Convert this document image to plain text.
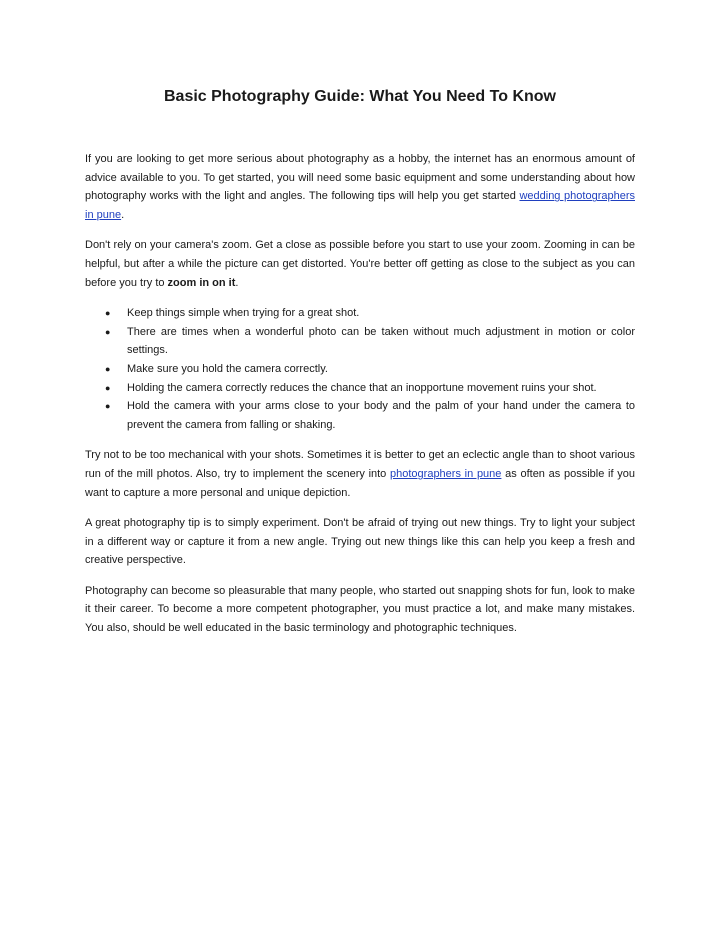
Basic Photography Guide: What You Need To Know

If you are looking to get more serious about photography as a hobby, the internet has an enormous amount of advice available to you. To get started, you will need some basic equipment and some understanding about how photography works with the light and angles. The following tips will help you get started wedding photographers in pune.

Don't rely on your camera's zoom. Get a close as possible before you start to use your zoom. Zooming in can be helpful, but after a while the picture can get distorted. You're better off getting as close to the subject as you can before you try to zoom in on it.

● Keep things simple when trying for a great shot.
● There are times when a wonderful photo can be taken without much adjustment in motion or color settings.
● Make sure you hold the camera correctly.
● Holding the camera correctly reduces the chance that an inopportune movement ruins your shot.
● Hold the camera with your arms close to your body and the palm of your hand under the camera to prevent the camera from falling or shaking.

Try not to be too mechanical with your shots. Sometimes it is better to get an eclectic angle than to shoot various run of the mill photos. Also, try to implement the scenery into photographers in pune as often as possible if you want to capture a more personal and unique depiction.

A great photography tip is to simply experiment. Don't be afraid of trying out new things. Try to light your subject in a different way or capture it from a new angle. Trying out new things like this can help you keep a fresh and creative perspective.

Photography can become so pleasurable that many people, who started out snapping shots for fun, look to make it their career. To become a more competent photographer, you must practice a lot, and make many mistakes. You also, should be well educated in the basic terminology and photographic techniques.
